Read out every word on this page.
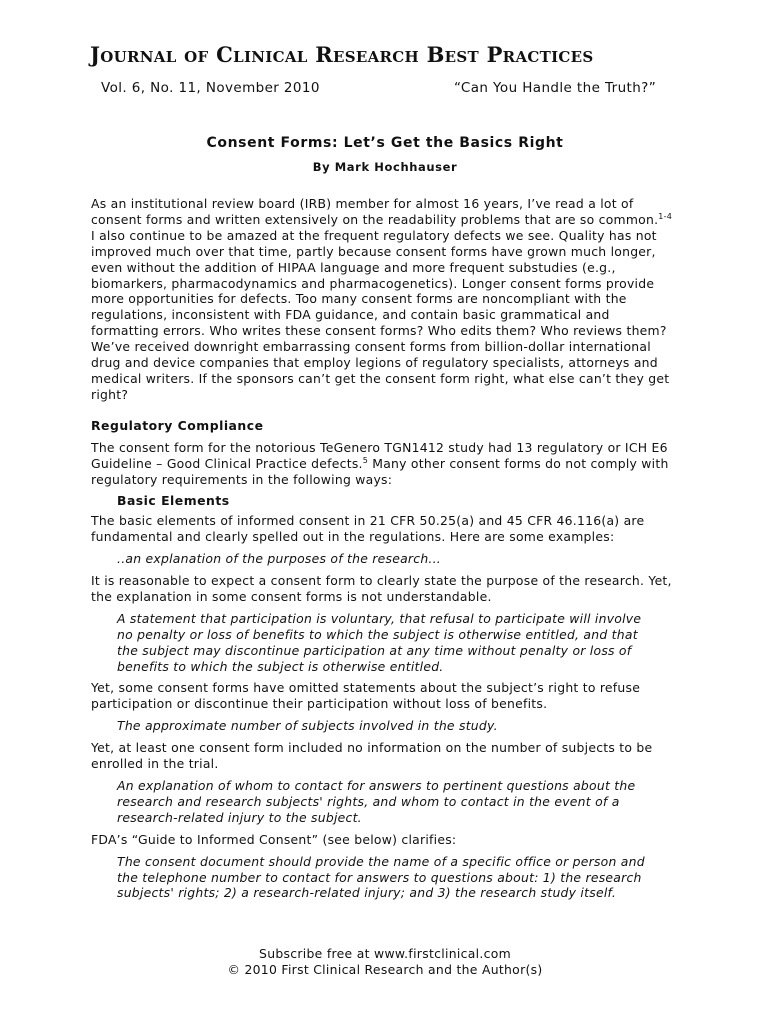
Journal of Clinical Research Best Practices
Vol. 6, No. 11, November 2010	“Can You Handle the Truth?”
Consent Forms: Let’s Get the Basics Right
By Mark Hochhauser

As an institutional review board (IRB) member for almost 16 years, I’ve read a lot of consent forms and written extensively on the readability problems that are so common.$^{1-4}$ I also continue to be amazed at the frequent regulatory defects we see. Quality has not improved much over that time, partly because consent forms have grown much longer, even without the addition of HIPAA language and more frequent substudies (e.g., biomarkers, pharmacodynamics and pharmacogenetics). Longer consent forms provide more opportunities for defects. Too many consent forms are noncompliant with the regulations, inconsistent with FDA guidance, and contain basic grammatical and formatting errors. Who writes these consent forms? Who edits them? Who reviews them? We’ve received downright embarrassing consent forms from billion-dollar international drug and device companies that employ legions of regulatory specialists, attorneys and medical writers. If the sponsors can’t get the consent form right, what else can’t they get right?

Regulatory Compliance

The consent form for the notorious TeGenero TGN1412 study had 13 regulatory or ICH E6 Guideline – Good Clinical Practice defects.$^5$ Many other consent forms do not comply with regulatory requirements in the following ways:

Basic Elements

The basic elements of informed consent in 21 CFR 50.25(a) and 45 CFR 46.116(a) are fundamental and clearly spelled out in the regulations. Here are some examples:

..an explanation of the purposes of the research...

It is reasonable to expect a consent form to clearly state the purpose of the research. Yet, the explanation in some consent forms is not understandable.

A statement that participation is voluntary, that refusal to participate will involve no penalty or loss of benefits to which the subject is otherwise entitled, and that the subject may discontinue participation at any time without penalty or loss of benefits to which the subject is otherwise entitled.

Yet, some consent forms have omitted statements about the subject’s right to refuse participation or discontinue their participation without loss of benefits.

The approximate number of subjects involved in the study.

Yet, at least one consent form included no information on the number of subjects to be enrolled in the trial.

An explanation of whom to contact for answers to pertinent questions about the research and research subjects' rights, and whom to contact in the event of a research-related injury to the subject.

FDA’s “Guide to Informed Consent” (see below) clarifies:

The consent document should provide the name of a specific office or person and the telephone number to contact for answers to questions about: 1) the research subjects' rights; 2) a research-related injury; and 3) the research study itself.

Subscribe free at www.firstclinical.com
© 2010 First Clinical Research and the Author(s)
